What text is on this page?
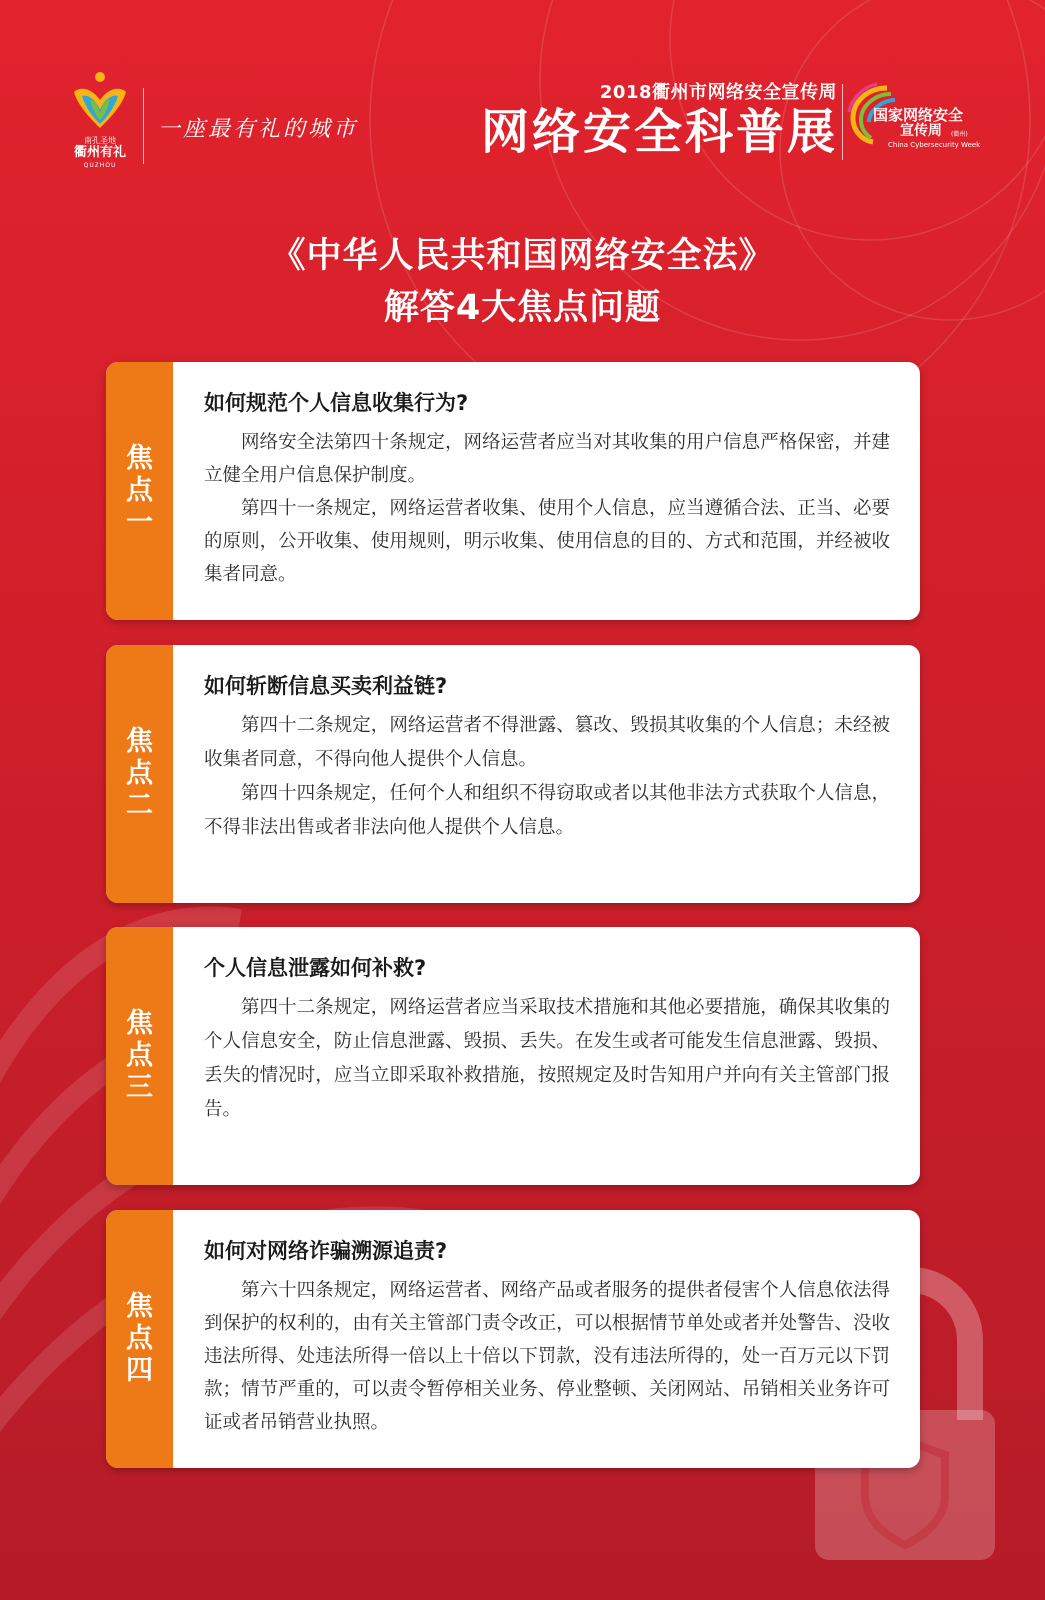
南孔圣地
衢州有礼
QUZHOU
一座最有礼的城市
2018衢州市网络安全宣传周
网络安全科普展 国家网络安全
宣传周 (衢州)
China Cybersecurity Week
《中华人民共和国网络安全法》
解答4大焦点问题
焦点一
如何规范个人信息收集行为?

网络安全法第四十条规定，网络运营者应当对其收集的用户信息严格保密，并建立健全用户信息保护制度。

第四十一条规定，网络运营者收集、使用个人信息，应当遵循合法、正当、必要的原则，公开收集、使用规则，明示收集、使用信息的目的、方式和范围，并经被收集者同意。

焦点二
如何斩断信息买卖利益链?

第四十二条规定，网络运营者不得泄露、篡改、毁损其收集的个人信息；未经被收集者同意，不得向他人提供个人信息。

第四十四条规定，任何个人和组织不得窃取或者以其他非法方式获取个人信息，不得非法出售或者非法向他人提供个人信息。

焦点三
个人信息泄露如何补救?

第四十二条规定，网络运营者应当采取技术措施和其他必要措施，确保其收集的个人信息安全，防止信息泄露、毁损、丢失。在发生或者可能发生信息泄露、毁损、丢失的情况时，应当立即采取补救措施，按照规定及时告知用户并向有关主管部门报告。

焦点四
如何对网络诈骗溯源追责?

第六十四条规定，网络运营者、网络产品或者服务的提供者侵害个人信息依法得到保护的权利的，由有关主管部门责令改正，可以根据情节单处或者并处警告、没收违法所得、处违法所得一倍以上十倍以下罚款，没有违法所得的，处一百万元以下罚款；情节严重的，可以责令暂停相关业务、停业整顿、关闭网站、吊销相关业务许可证或者吊销营业执照。
